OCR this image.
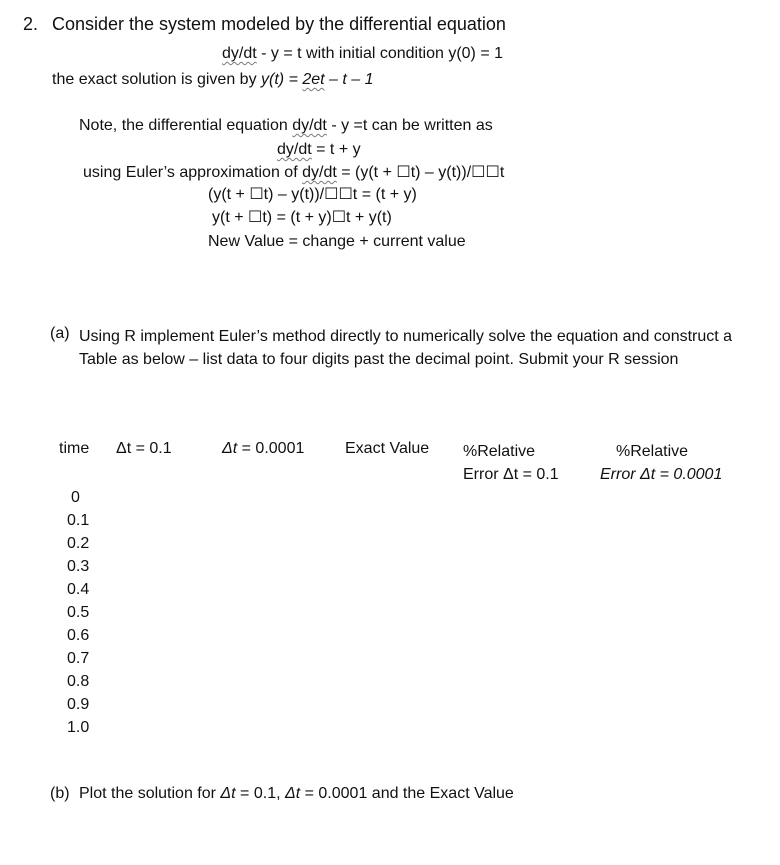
2. Consider the system modeled by the differential equation
dy/dt - y = t with initial condition y(0) = 1
the exact solution is given by y(t) = 2et – t – 1
Note, the differential equation dy/dt - y =t can be written as
dy/dt = t + y
using Euler’s approximation of dy/dt = (y(t + ☐t) – y(t))/☐☐t
(y(t + ☐t) – y(t))/☐☐t = (t + y)
y(t + ☐t) = (t + y)☐t + y(t)
New Value = change + current value
(a) Using R implement Euler’s method directly to numerically solve the equation and construct a Table as below – list data to four digits past the decimal point. Submit your R session
time Δt = 0.1	Δt = 0.0001	Exact Value %Relative
Error Δt = 0.1
%Relative
Error Δt = 0.0001
0
0.1
0.2
0.3
0.4
0.5
0.6
0.7
0.8
0.9
1.0
(b) Plot the solution for Δt = 0.1, Δt = 0.0001 and the Exact Value
